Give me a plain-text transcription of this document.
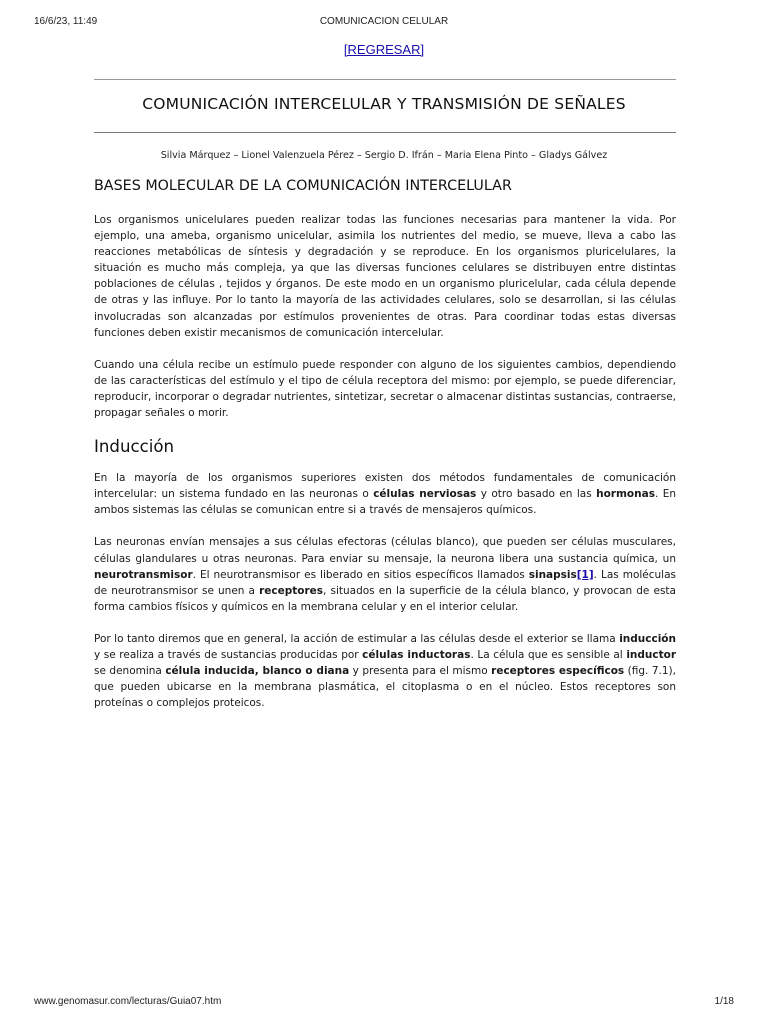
16/6/23, 11:49	COMUNICACION CELULAR
[REGRESAR]
COMUNICACIÓN INTERCELULAR Y TRANSMISIÓN DE SEÑALES
Silvia Márquez – Lionel Valenzuela Pérez – Sergio D. Ifrán – Maria Elena Pinto – Gladys Gálvez
BASES MOLECULAR DE LA COMUNICACIÓN INTERCELULAR

Los organismos unicelulares pueden realizar todas las funciones necesarias para mantener la vida. Por ejemplo, una ameba, organismo unicelular, asimila los nutrientes del medio, se mueve, lleva a cabo las reacciones metabólicas de síntesis y degradación y se reproduce. En los organismos pluricelulares, la situación es mucho más compleja, ya que las diversas funciones celulares se distribuyen entre distintas poblaciones de células , tejidos y órganos. De este modo en un organismo pluricelular, cada célula depende de otras y las influye. Por lo tanto la mayoría de las actividades celulares, solo se desarrollan, si las células involucradas son alcanzadas por estímulos provenientes de otras. Para coordinar todas estas diversas funciones deben existir mecanismos de comunicación intercelular.

Cuando una célula recibe un estímulo puede responder con alguno de los siguientes cambios, dependiendo de las características del estímulo y el tipo de célula receptora del mismo: por ejemplo, se puede diferenciar, reproducir, incorporar o degradar nutrientes, sintetizar, secretar o almacenar distintas sustancias, contraerse, propagar señales o morir.

Inducción

En la mayoría de los organismos superiores existen dos métodos fundamentales de comunicación intercelular: un sistema fundado en las neuronas o células nerviosas y otro basado en las hormonas. En ambos sistemas las células se comunican entre si a través de mensajeros químicos.

Las neuronas envían mensajes a sus células efectoras (células blanco), que pueden ser células musculares, células glandulares u otras neuronas. Para enviar su mensaje, la neurona libera una sustancia química, un neurotransmisor. El neurotransmisor es liberado en sitios específicos llamados sinapsis[1]. Las moléculas de neurotransmisor se unen a receptores, situados en la superficie de la célula blanco, y provocan de esta forma cambios físicos y químicos en la membrana celular y en el interior celular.

Por lo tanto diremos que en general, la acción de estimular a las células desde el exterior se llama inducción y se realiza a través de sustancias producidas por células inductoras. La célula que es sensible al inductor se denomina célula inducida, blanco o diana y presenta para el mismo receptores específicos (fig. 7.1), que pueden ubicarse en la membrana plasmática, el citoplasma o en el núcleo. Estos receptores son proteínas o complejos proteicos.

www.genomasur.com/lecturas/Guia07.htm	1/18
